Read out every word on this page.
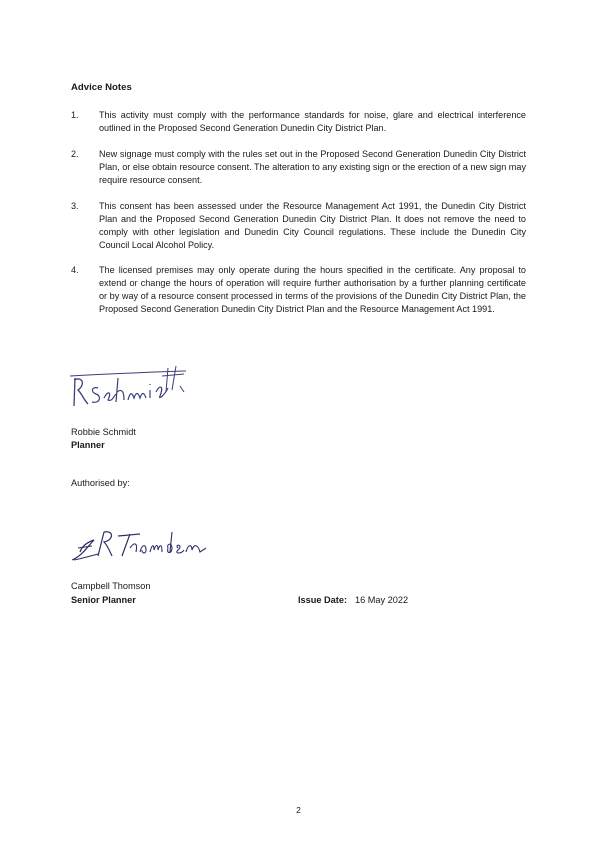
Advice Notes
1. This activity must comply with the performance standards for noise, glare and electrical interference outlined in the Proposed Second Generation Dunedin City District Plan.
2. New signage must comply with the rules set out in the Proposed Second Generation Dunedin City District Plan, or else obtain resource consent. The alteration to any existing sign or the erection of a new sign may require resource consent.
3. This consent has been assessed under the Resource Management Act 1991, the Dunedin City District Plan and the Proposed Second Generation Dunedin City District Plan. It does not remove the need to comply with other legislation and Dunedin City Council regulations. These include the Dunedin City Council Local Alcohol Policy.
4. The licensed premises may only operate during the hours specified in the certificate. Any proposal to extend or change the hours of operation will require further authorisation by a further planning certificate or by way of a resource consent processed in terms of the provisions of the Dunedin City District Plan, the Proposed Second Generation Dunedin City District Plan and the Resource Management Act 1991.
Robbie Schmidt
Planner
Authorised by:
Campbell Thomson
Senior Planner	Issue Date: 16 May 2022
2
